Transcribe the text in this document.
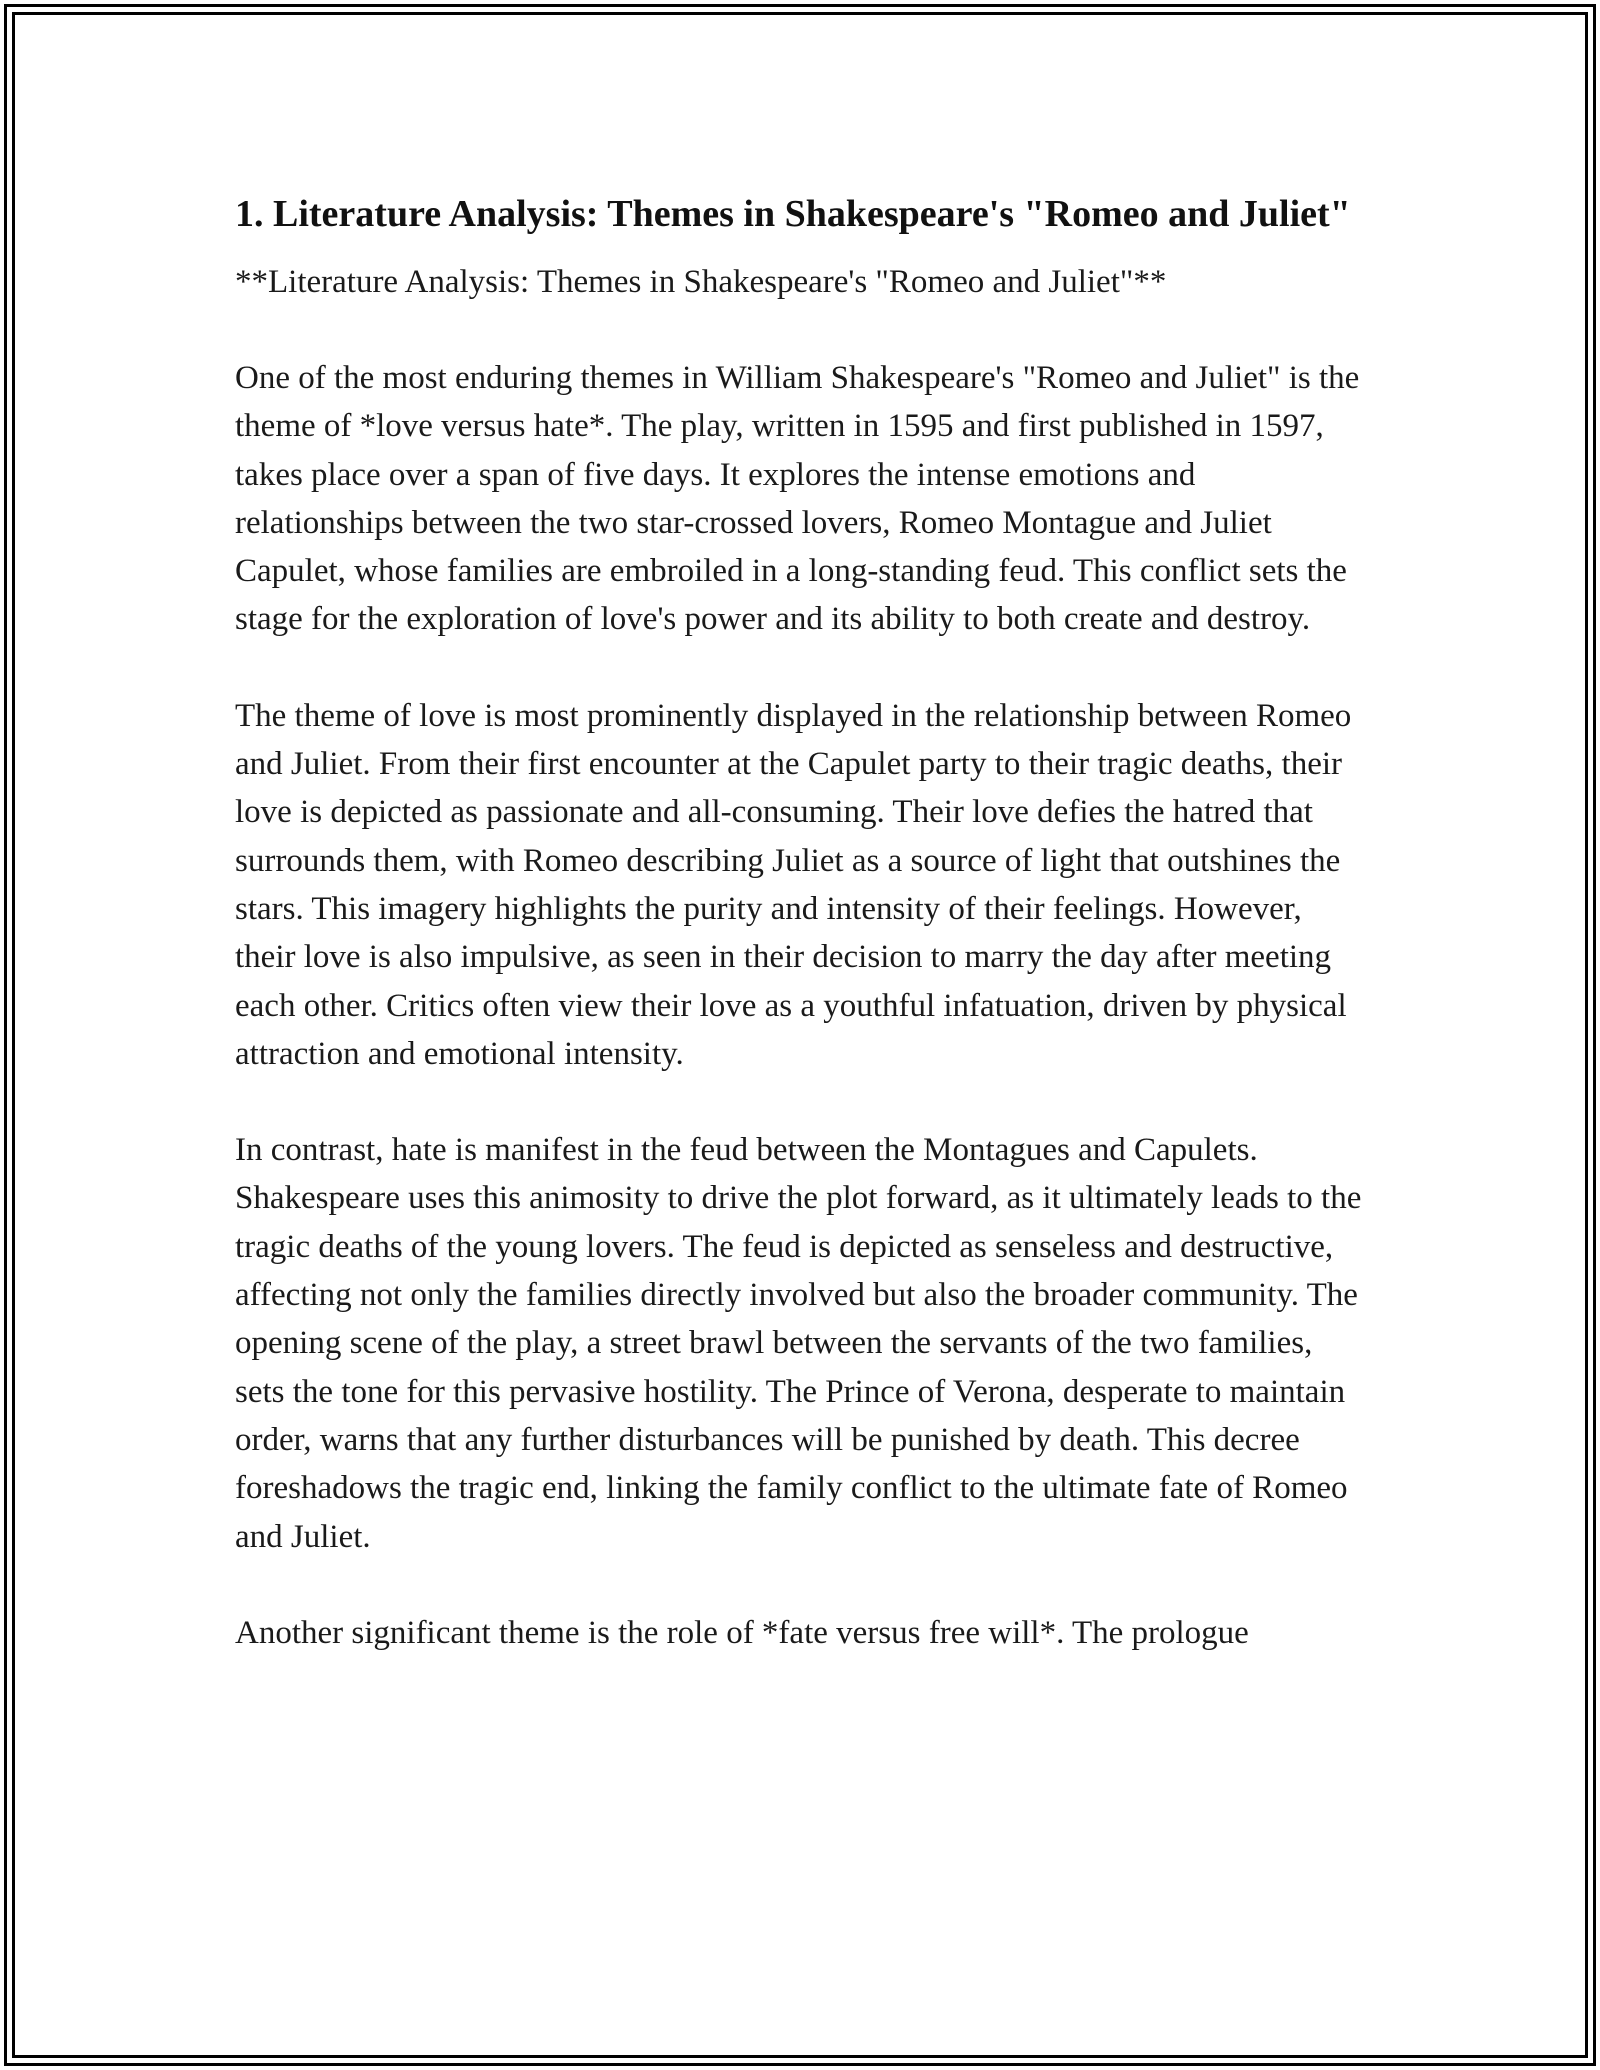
1. Literature Analysis: Themes in Shakespeare's "Romeo and Juliet"

**Literature Analysis: Themes in Shakespeare's "Romeo and Juliet"**

One of the most enduring themes in William Shakespeare's "Romeo and Juliet" is the theme of *love versus hate*. The play, written in 1595 and first published in 1597, takes place over a span of five days. It explores the intense emotions and relationships between the two star-crossed lovers, Romeo Montague and Juliet Capulet, whose families are embroiled in a long-standing feud. This conflict sets the stage for the exploration of love's power and its ability to both create and destroy.

The theme of love is most prominently displayed in the relationship between Romeo and Juliet. From their first encounter at the Capulet party to their tragic deaths, their love is depicted as passionate and all-consuming. Their love defies the hatred that surrounds them, with Romeo describing Juliet as a source of light that outshines the stars. This imagery highlights the purity and intensity of their feelings. However, their love is also impulsive, as seen in their decision to marry the day after meeting each other. Critics often view their love as a youthful infatuation, driven by physical attraction and emotional intensity.

In contrast, hate is manifest in the feud between the Montagues and Capulets. Shakespeare uses this animosity to drive the plot forward, as it ultimately leads to the tragic deaths of the young lovers. The feud is depicted as senseless and destructive, affecting not only the families directly involved but also the broader community. The opening scene of the play, a street brawl between the servants of the two families, sets the tone for this pervasive hostility. The Prince of Verona, desperate to maintain order, warns that any further disturbances will be punished by death. This decree foreshadows the tragic end, linking the family conflict to the ultimate fate of Romeo and Juliet.

Another significant theme is the role of *fate versus free will*. The prologue
